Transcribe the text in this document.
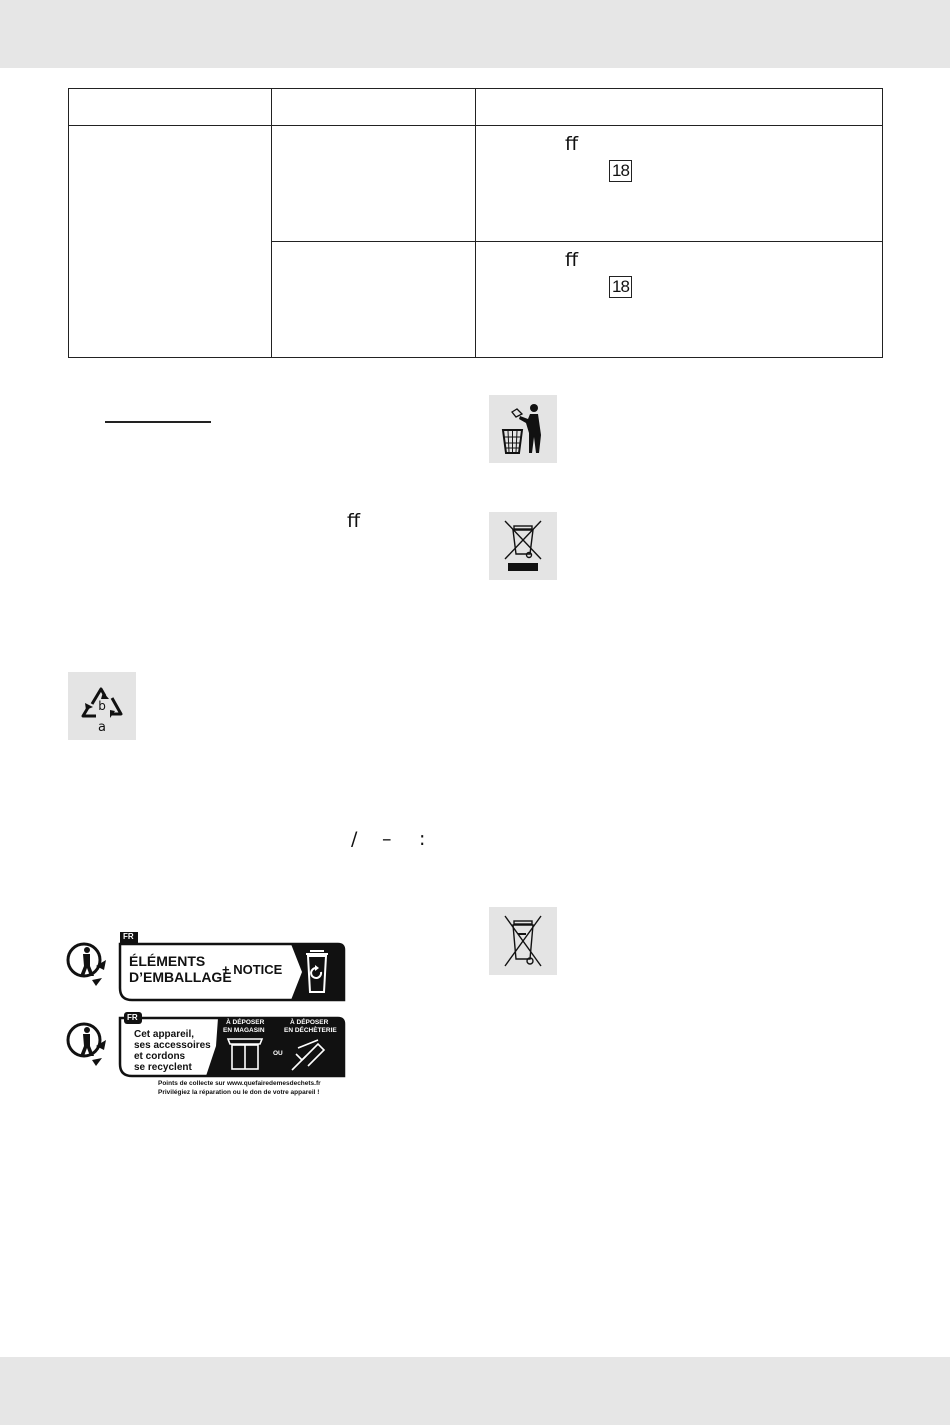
ff
18
ff
18
ff
/ – :
b
a
FR
ÉLÉMENTS
D’EMBALLAGE
+ NOTICE
FR
Cet appareil,
ses accessoires
et cordons
se recyclent
À DÉPOSER
EN MAGASIN
OU
À DÉPOSER
EN DÉCHÈTERIE
Points de collecte sur www.quefairedemesdechets.fr
Privilégiez la réparation ou le don de votre appareil !
